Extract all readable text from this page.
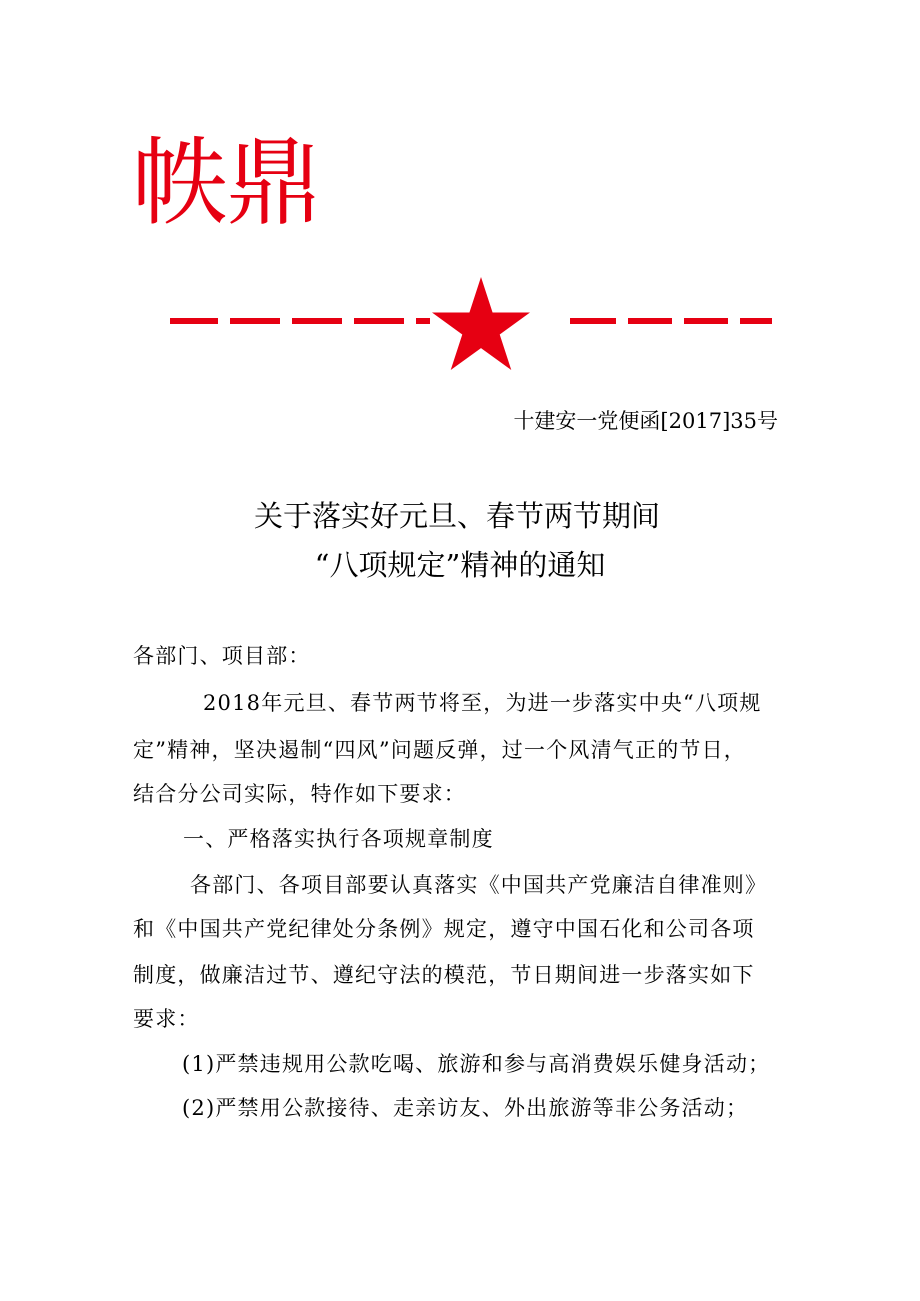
帙鼎
十建安一党便函[2017]35号
关于落实好元旦、春节两节期间
“八项规定”精神的通知
各部门、项目部：
2018年元旦、春节两节将至，为进一步落实中央“八项规
定”精神，坚决遏制“四风”问题反弹，过一个风清气正的节日，
结合分公司实际，特作如下要求：
一、严格落实执行各项规章制度
各部门、各项目部要认真落实《中国共产党廉洁自律准则》
和《中国共产党纪律处分条例》规定，遵守中国石化和公司各项
制度，做廉洁过节、遵纪守法的模范，节日期间进一步落实如下
要求：
(1)严禁违规用公款吃喝、旅游和参与高消费娱乐健身活动；
(2)严禁用公款接待、走亲访友、外出旅游等非公务活动；
